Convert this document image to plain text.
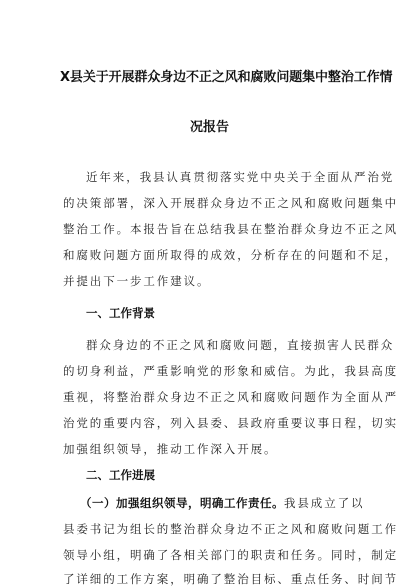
X县关于开展群众身边不正之风和腐败问题集中整治工作情
况报告
近年来，我县认真贯彻落实党中央关于全面从严治党
的决策部署，深入开展群众身边不正之风和腐败问题集中
整治工作。本报告旨在总结我县在整治群众身边不正之风
和腐败问题方面所取得的成效，分析存在的问题和不足，
并提出下一步工作建议。
一、工作背景
群众身边的不正之风和腐败问题，直接损害人民群众
的切身利益，严重影响党的形象和威信。为此，我县高度
重视，将整治群众身边不正之风和腐败问题作为全面从严
治党的重要内容，列入县委、县政府重要议事日程，切实
加强组织领导，推动工作深入开展。
二、工作进展
（一）加强组织领导，明确工作责任。我县成立了以
县委书记为组长的整治群众身边不正之风和腐败问题工作
领导小组，明确了各相关部门的职责和任务。同时，制定
了详细的工作方案，明确了整治目标、重点任务、时间节
